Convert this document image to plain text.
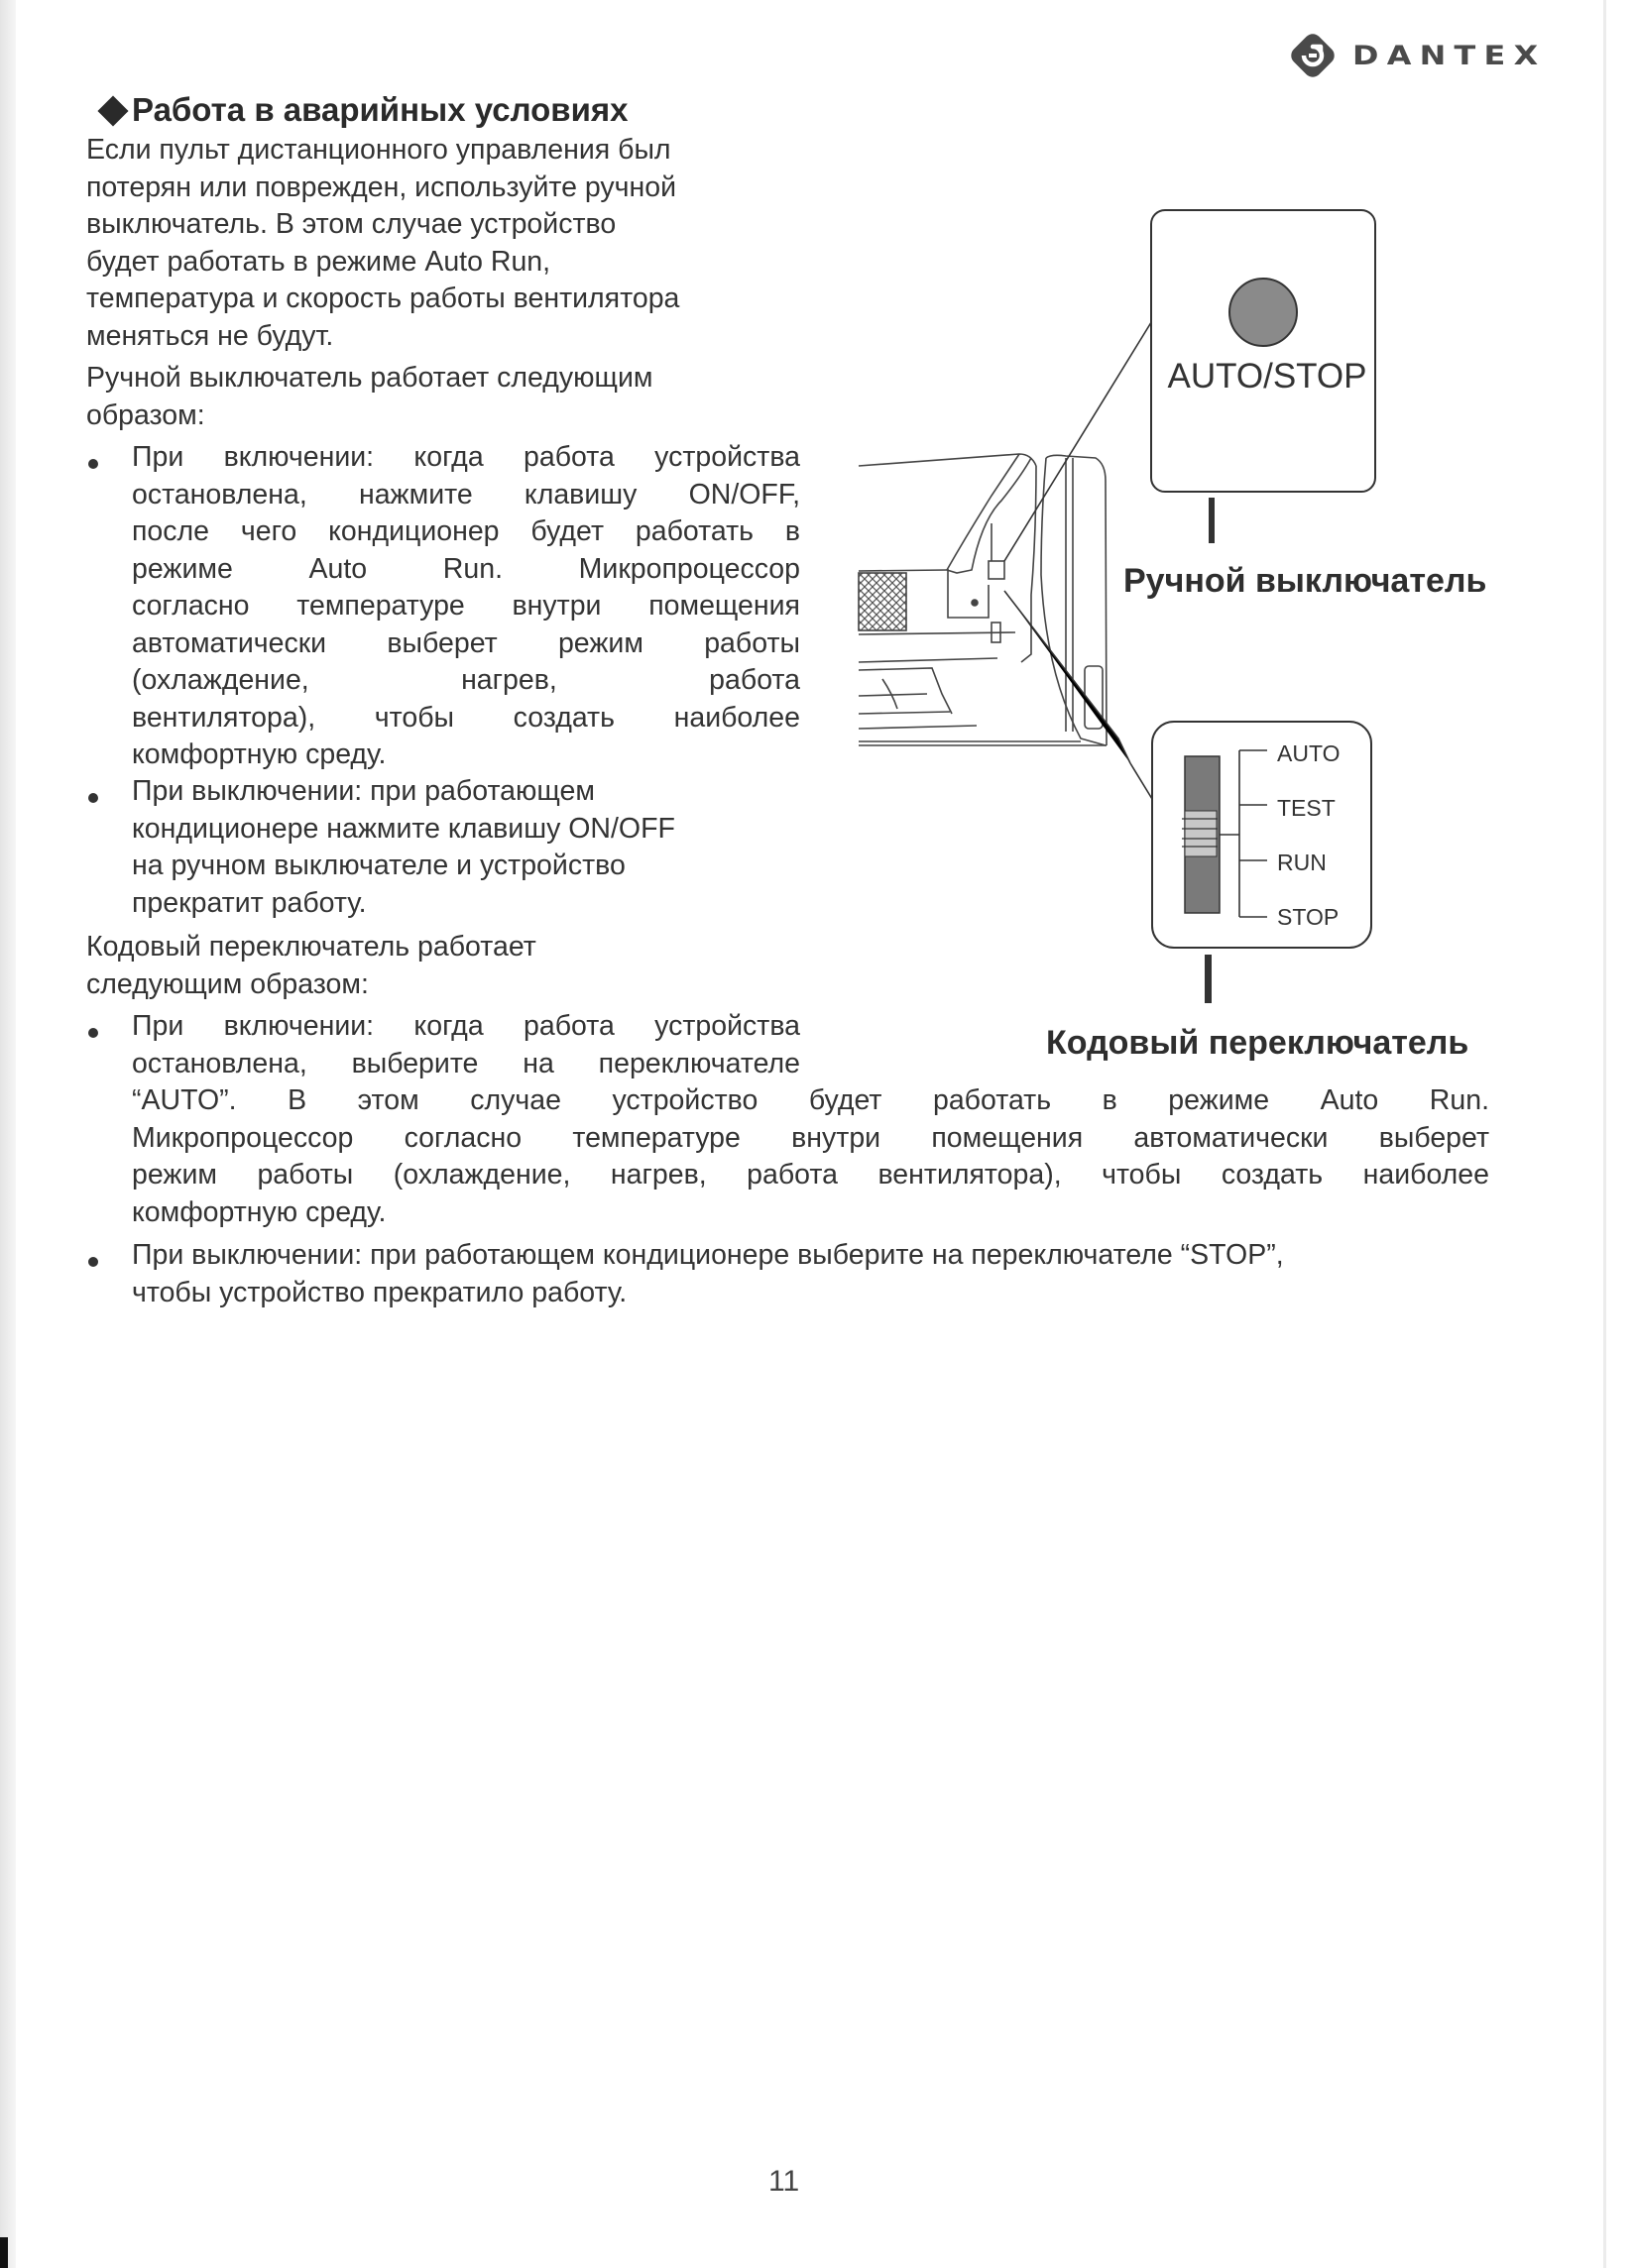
DANTEX
Работа в аварийных условиях
Если пульт дистанционного управления был
потерян или поврежден, используйте ручной
выключатель. В этом случае устройство
будет работать в режиме Auto Run,
температура и скорость работы вентилятора
меняться не будут.
Ручной выключатель работает следующим
образом:
При включении: когда работа устройства
остановлена, нажмите клавишу ON/OFF,
после чего кондиционер будет работать в
режиме Auto Run. Микропроцессор
согласно температуре внутри помещения
автоматически выберет режим работы
(охлаждение, нагрев, работа
вентилятора), чтобы создать наиболее
комфортную среду.
При выключении: при работающем
кондиционере нажмите клавишу ON/OFF
на ручном выключателе и устройство
прекратит работу.
Кодовый переключатель работает
следующим образом:
При включении: когда работа устройства
остановлена, выберите на переключателе
“AUTO”. В этом случае устройство будет работать в режиме Auto Run.
Микропроцессор согласно температуре внутри помещения автоматически выберет
режим работы (охлаждение, нагрев, работа вентилятора), чтобы создать наиболее
комфортную среду.
При выключении: при работающем кондиционере выберите на переключателе “STOP”,
чтобы устройство прекратило работу.
AUTO/STOP
AUTO
TEST
RUN
STOP
Ручной выключатель
Кодовый переключатель
11
